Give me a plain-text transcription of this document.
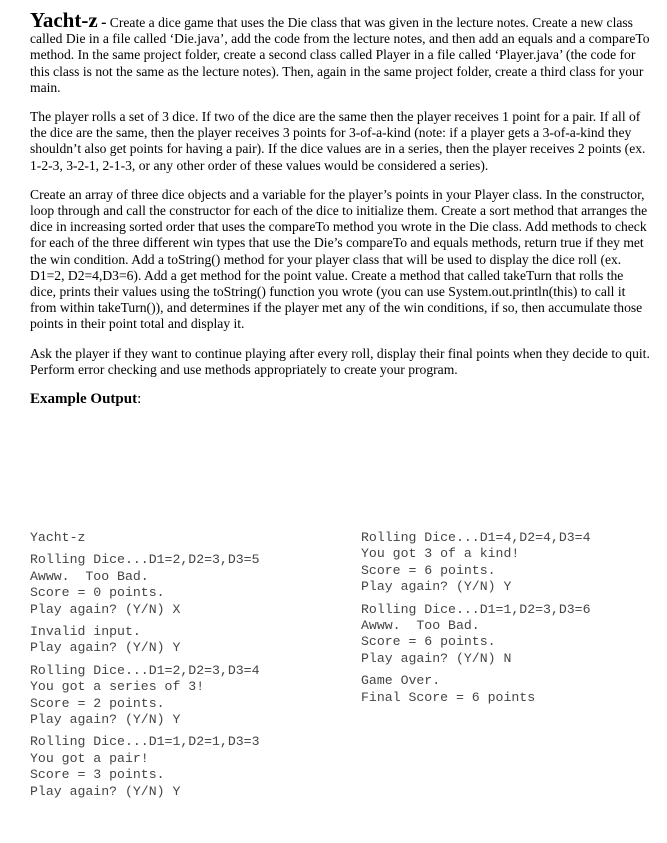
Yacht-z - Create a dice game that uses the Die class that was given in the lecture notes. Create a new class called Die in a file called ‘Die.java’, add the code from the lecture notes, and then add an equals and a compareTo method. In the same project folder, create a second class called Player in a file called ‘Player.java’ (the code for this class is not the same as the lecture notes). Then, again in the same project folder, create a third class for your main.

The player rolls a set of 3 dice. If two of the dice are the same then the player receives 1 point for a pair. If all of the dice are the same, then the player receives 3 points for 3-of-a-kind (note: if a player gets a 3-of-a-kind they shouldn’t also get points for having a pair). If the dice values are in a series, then the player receives 2 points (ex. 1-2-3, 3-2-1, 2-1-3, or any other order of these values would be considered a series).

Create an array of three dice objects and a variable for the player’s points in your Player class. In the constructor, loop through and call the constructor for each of the dice to initialize them. Create a sort method that arranges the dice in increasing sorted order that uses the compareTo method you wrote in the Die class. Add methods to check for each of the three different win types that use the Die’s compareTo and equals methods, return true if they met the win condition. Add a toString() method for your player class that will be used to display the dice roll (ex. D1=2, D2=4,D3=6). Add a get method for the point value. Create a method that called takeTurn that rolls the dice, prints their values using the toString() function you wrote (you can use System.out.println(this) to call it from within takeTurn()), and determines if the player met any of the win conditions, if so, then accumulate those points in their point total and display it.

Ask the player if they want to continue playing after every roll, display their final points when they decide to quit. Perform error checking and use methods appropriately to create your program.

Example Output:
Yacht-z
Rolling Dice...D1=2,D2=3,D3=5
Awww.  Too Bad.
Score = 0 points.
Play again? (Y/N) X
Invalid input.
Play again? (Y/N) Y
Rolling Dice...D1=2,D2=3,D3=4
You got a series of 3!
Score = 2 points.
Play again? (Y/N) Y
Rolling Dice...D1=1,D2=1,D3=3
You got a pair!
Score = 3 points.
Play again? (Y/N) Y
Rolling Dice...D1=4,D2=4,D3=4
You got 3 of a kind!
Score = 6 points.
Play again? (Y/N) Y
Rolling Dice...D1=1,D2=3,D3=6
Awww.  Too Bad.
Score = 6 points.
Play again? (Y/N) N
Game Over.
Final Score = 6 points
